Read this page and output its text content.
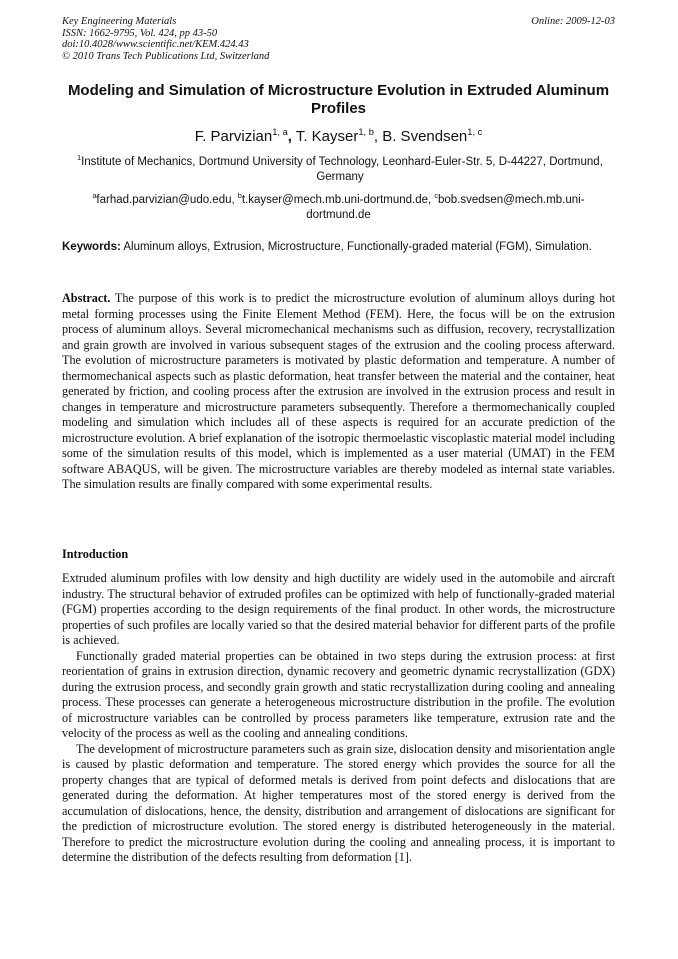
Key Engineering Materials
ISSN: 1662-9795, Vol. 424, pp 43-50
doi:10.4028/www.scientific.net/KEM.424.43
© 2010 Trans Tech Publications Ltd, Switzerland
Online: 2009-12-03
Modeling and Simulation of Microstructure Evolution in Extruded Aluminum Profiles
F. Parvizian$^{1, a}$, T. Kayser$^{1, b}$, B. Svendsen$^{1, c}$
$^1$Institute of Mechanics, Dortmund University of Technology, Leonhard-Euler-Str. 5, D-44227, Dortmund, Germany
$^a$farhad.parvizian@udo.edu, $^b$t.kayser@mech.mb.uni-dortmund.de, $^c$bob.svedsen@mech.mb.uni-dortmund.de
Keywords: Aluminum alloys, Extrusion, Microstructure, Functionally-graded material (FGM), Simulation.
Abstract. The purpose of this work is to predict the microstructure evolution of aluminum alloys during hot metal forming processes using the Finite Element Method (FEM). Here, the focus will be on the extrusion process of aluminum alloys. Several micromechanical mechanisms such as diffusion, recovery, recrystallization and grain growth are involved in various subsequent stages of the extrusion and the cooling process afterward. The evolution of microstructure parameters is motivated by plastic deformation and temperature. A number of thermomechanical aspects such as plastic deformation, heat transfer between the material and the container, heat generated by friction, and cooling process after the extrusion are involved in the extrusion process and result in changes in temperature and microstructure parameters subsequently. Therefore a thermomechanically coupled modeling and simulation which includes all of these aspects is required for an accurate prediction of the microstructure evolution. A brief explanation of the isotropic thermoelastic viscoplastic material model including some of the simulation results of this model, which is implemented as a user material (UMAT) in the FEM software ABAQUS, will be given. The microstructure variables are thereby modeled as internal state variables. The simulation results are finally compared with some experimental results.
Introduction

Extruded aluminum profiles with low density and high ductility are widely used in the automobile and aircraft industry. The structural behavior of extruded profiles can be optimized with help of functionally-graded material (FGM) properties according to the design requirements of the final product. In other words, the microstructure properties of such profiles are locally varied so that the desired material behavior for different parts of the profile is achieved.

Functionally graded material properties can be obtained in two steps during the extrusion process: at first reorientation of grains in extrusion direction, dynamic recovery and geometric dynamic recrystallization (GDX) during the extrusion process, and secondly grain growth and static recrystallization during cooling and annealing process. These processes can generate a heterogeneous microstructure distribution in the profile. The evolution of microstructure variables can be controlled by process parameters like temperature, extrusion rate and the velocity of the process as well as the cooling and annealing conditions.

The development of microstructure parameters such as grain size, dislocation density and misorientation angle is caused by plastic deformation and temperature. The stored energy which provides the source for all the property changes that are typical of deformed metals is derived from point defects and dislocations that are generated during the deformation. At higher temperatures most of the stored energy is derived from the accumulation of dislocations, hence, the density, distribution and arrangement of dislocations are significant for the prediction of microstructure evolution. The stored energy is distributed heterogeneously in the material. Therefore to predict the microstructure evolution during the cooling and annealing process, it is important to determine the distribution of the defects resulting from deformation [1].
